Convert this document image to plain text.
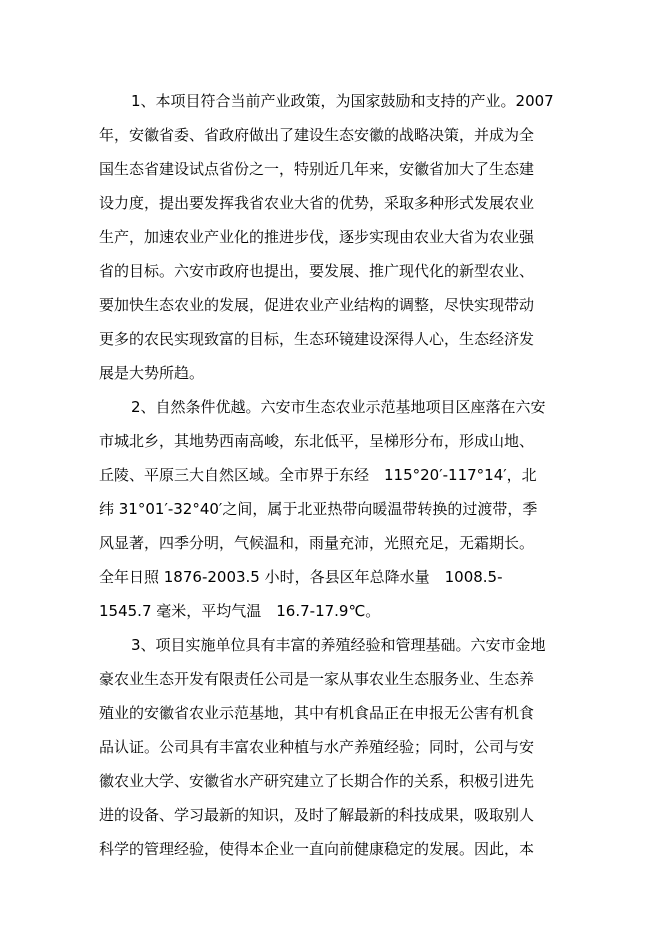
1、本项目符合当前产业政策，为国家鼓励和支持的产业。2007
年，安徽省委、省政府做出了建设生态安徽的战略决策，并成为全
国生态省建设试点省份之一，特别近几年来，安徽省加大了生态建
设力度，提出要发挥我省农业大省的优势，采取多种形式发展农业
生产，加速农业产业化的推进步伐，逐步实现由农业大省为农业强
省的目标。六安市政府也提出，要发展、推广现代化的新型农业、
要加快生态农业的发展，促进农业产业结构的调整，尽快实现带动
更多的农民实现致富的目标，生态环镜建设深得人心，生态经济发
展是大势所趋。
2、自然条件优越。六安市生态农业示范基地项目区座落在六安
市城北乡，其地势西南高峻，东北低平，呈梯形分布，形成山地、
丘陵、平原三大自然区域。全市界于东经　115°20′-117°14′，北
纬 31°01′-32°40′之间，属于北亚热带向暖温带转换的过渡带，季
风显著，四季分明，气候温和，雨量充沛，光照充足，无霜期长。
全年日照 1876-2003.5 小时，各县区年总降水量　1008.5-
1545.7 毫米，平均气温　16.7-17.9℃。
3、项目实施单位具有丰富的养殖经验和管理基础。六安市金地
豪农业生态开发有限责任公司是一家从事农业生态服务业、生态养
殖业的安徽省农业示范基地，其中有机食品正在申报无公害有机食
品认证。公司具有丰富农业种植与水产养殖经验；同时，公司与安
徽农业大学、安徽省水产研究建立了长期合作的关系，积极引进先
进的设备、学习最新的知识，及时了解最新的科技成果，吸取别人
科学的管理经验，使得本企业一直向前健康稳定的发展。因此，本
